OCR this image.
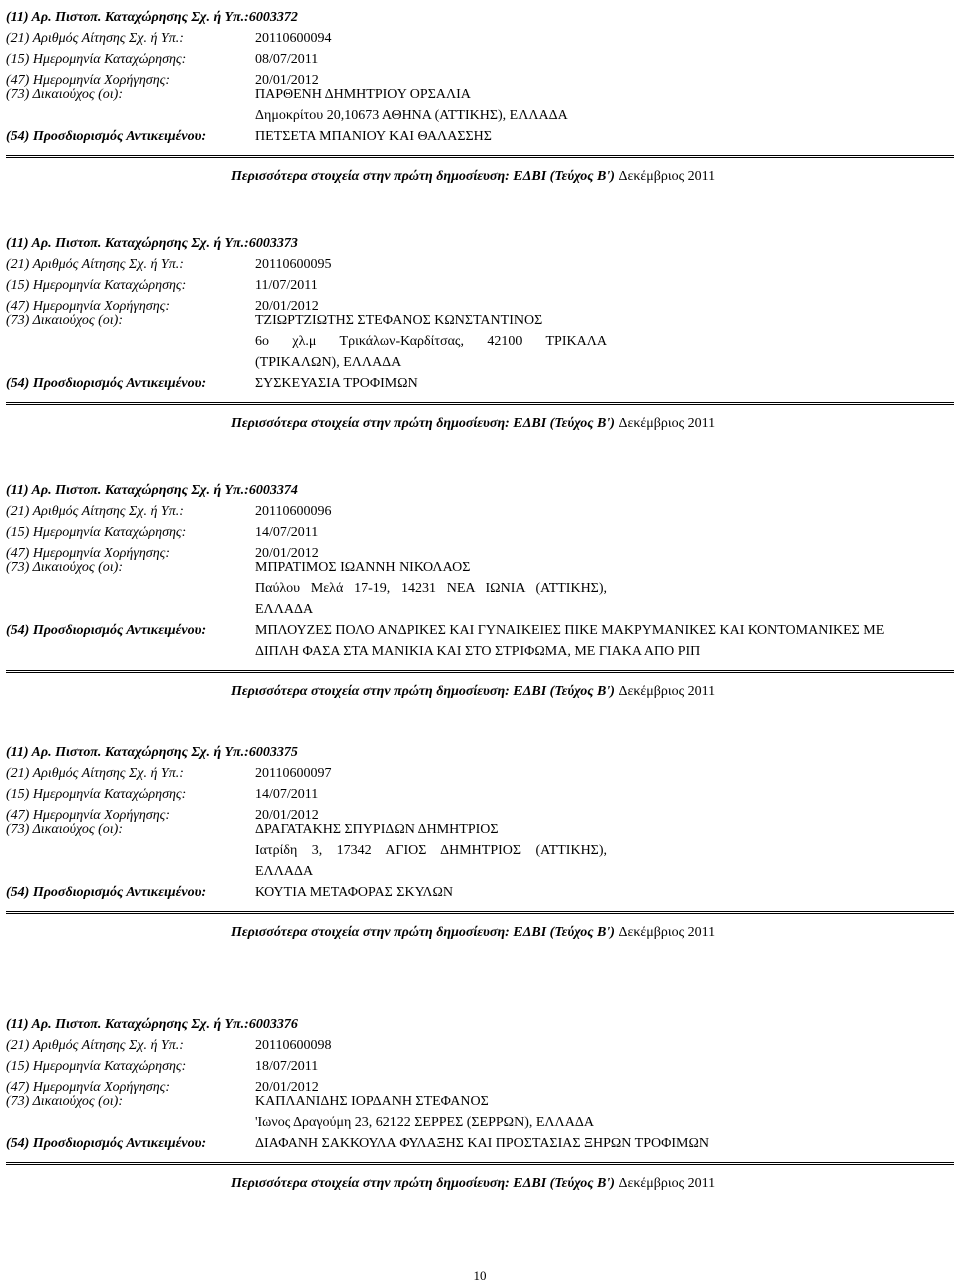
(11) Αρ. Πιστοπ. Καταχώρησης Σχ. ή Υπ.:6003372
(21) Αριθμός Αίτησης Σχ. ή Υπ.:	20110600094
(15) Ημερομηνία Καταχώρησης:	08/07/2011
(47) Ημερομηνία Χορήγησης:	20/01/2012
(73) Δικαιούχος (οι):	ΠΑΡΘΕΝΗ ΔΗΜΗΤΡΙΟΥ ΟΡΣΑΛΙΑ
Δημοκρίτου 20,10673 ΑΘΗΝΑ (ΑΤΤΙΚΗΣ), ΕΛΛΑΔΑ
(54) Προσδιορισμός Αντικειμένου:	ΠΕΤΣΕΤΑ ΜΠΑΝΙΟΥ ΚΑΙ ΘΑΛΑΣΣΗΣ
Περισσότερα στοιχεία στην πρώτη δημοσίευση: ΕΔΒΙ (Τεύχος Β') Δεκέμβριος 2011
(11) Αρ. Πιστοπ. Καταχώρησης Σχ. ή Υπ.:6003373
(21) Αριθμός Αίτησης Σχ. ή Υπ.:	20110600095
(15) Ημερομηνία Καταχώρησης:	11/07/2011
(47) Ημερομηνία Χορήγησης:	20/01/2012
(73) Δικαιούχος (οι):	ΤΖΙΩΡΤΖΙΩΤΗΣ ΣΤΕΦΑΝΟΣ ΚΩΝΣΤΑΝΤΙΝΟΣ
6ο χλ.μ Τρικάλων-Καρδίτσας, 42100 ΤΡΙΚΑΛΑ
(ΤΡΙΚΑΛΩΝ), ΕΛΛΑΔΑ
(54) Προσδιορισμός Αντικειμένου:	ΣΥΣΚΕΥΑΣΙΑ ΤΡΟΦΙΜΩΝ
Περισσότερα στοιχεία στην πρώτη δημοσίευση: ΕΔΒΙ (Τεύχος Β') Δεκέμβριος 2011
(11) Αρ. Πιστοπ. Καταχώρησης Σχ. ή Υπ.:6003374
(21) Αριθμός Αίτησης Σχ. ή Υπ.:	20110600096
(15) Ημερομηνία Καταχώρησης:	14/07/2011
(47) Ημερομηνία Χορήγησης:	20/01/2012
(73) Δικαιούχος (οι):	ΜΠΡΑΤΙΜΟΣ ΙΩΑΝΝΗ ΝΙΚΟΛΑΟΣ
Παύλου Μελά 17-19, 14231 ΝΕΑ ΙΩΝΙΑ (ΑΤΤΙΚΗΣ),
ΕΛΛΑΔΑ
(54) Προσδιορισμός Αντικειμένου:	ΜΠΛΟΥΖΕΣ ΠΟΛΟ ΑΝΔΡΙΚΕΣ ΚΑΙ ΓΥΝΑΙΚΕΙΕΣ ΠΙΚΕ ΜΑΚΡΥΜΑΝΙΚΕΣ ΚΑΙ ΚΟΝΤΟΜΑΝΙΚΕΣ ΜΕ
ΔΙΠΛΗ ΦΑΣΑ ΣΤΑ ΜΑΝΙΚΙΑ ΚΑΙ ΣΤΟ ΣΤΡΙΦΩΜΑ, ΜΕ ΓΙΑΚΑ ΑΠΟ ΡΙΠ
Περισσότερα στοιχεία στην πρώτη δημοσίευση: ΕΔΒΙ (Τεύχος Β') Δεκέμβριος 2011
(11) Αρ. Πιστοπ. Καταχώρησης Σχ. ή Υπ.:6003375
(21) Αριθμός Αίτησης Σχ. ή Υπ.:	20110600097
(15) Ημερομηνία Καταχώρησης:	14/07/2011
(47) Ημερομηνία Χορήγησης:	20/01/2012
(73) Δικαιούχος (οι):	ΔΡΑΓΑΤΑΚΗΣ ΣΠΥΡΙΔΩΝ ΔΗΜΗΤΡΙΟΣ
Ιατρίδη 3, 17342 ΑΓΙΟΣ ΔΗΜΗΤΡΙΟΣ (ΑΤΤΙΚΗΣ),
ΕΛΛΑΔΑ
(54) Προσδιορισμός Αντικειμένου:	ΚΟΥΤΙΑ ΜΕΤΑΦΟΡΑΣ ΣΚΥΛΩΝ
Περισσότερα στοιχεία στην πρώτη δημοσίευση: ΕΔΒΙ (Τεύχος Β') Δεκέμβριος 2011
(11) Αρ. Πιστοπ. Καταχώρησης Σχ. ή Υπ.:6003376
(21) Αριθμός Αίτησης Σχ. ή Υπ.:	20110600098
(15) Ημερομηνία Καταχώρησης:	18/07/2011
(47) Ημερομηνία Χορήγησης:	20/01/2012
(73) Δικαιούχος (οι):	ΚΑΠΛΑΝΙΔΗΣ ΙΟΡΔΑΝΗ ΣΤΕΦΑΝΟΣ
'Ιωνος Δραγούμη 23, 62122 ΣΕΡΡΕΣ (ΣΕΡΡΩΝ), ΕΛΛΑΔΑ
(54) Προσδιορισμός Αντικειμένου:	ΔΙΑΦΑΝΗ ΣΑΚΚΟΥΛΑ ΦΥΛΑΞΗΣ ΚΑΙ ΠΡΟΣΤΑΣΙΑΣ ΞΗΡΩΝ ΤΡΟΦΙΜΩΝ
Περισσότερα στοιχεία στην πρώτη δημοσίευση: ΕΔΒΙ (Τεύχος Β') Δεκέμβριος 2011
10
